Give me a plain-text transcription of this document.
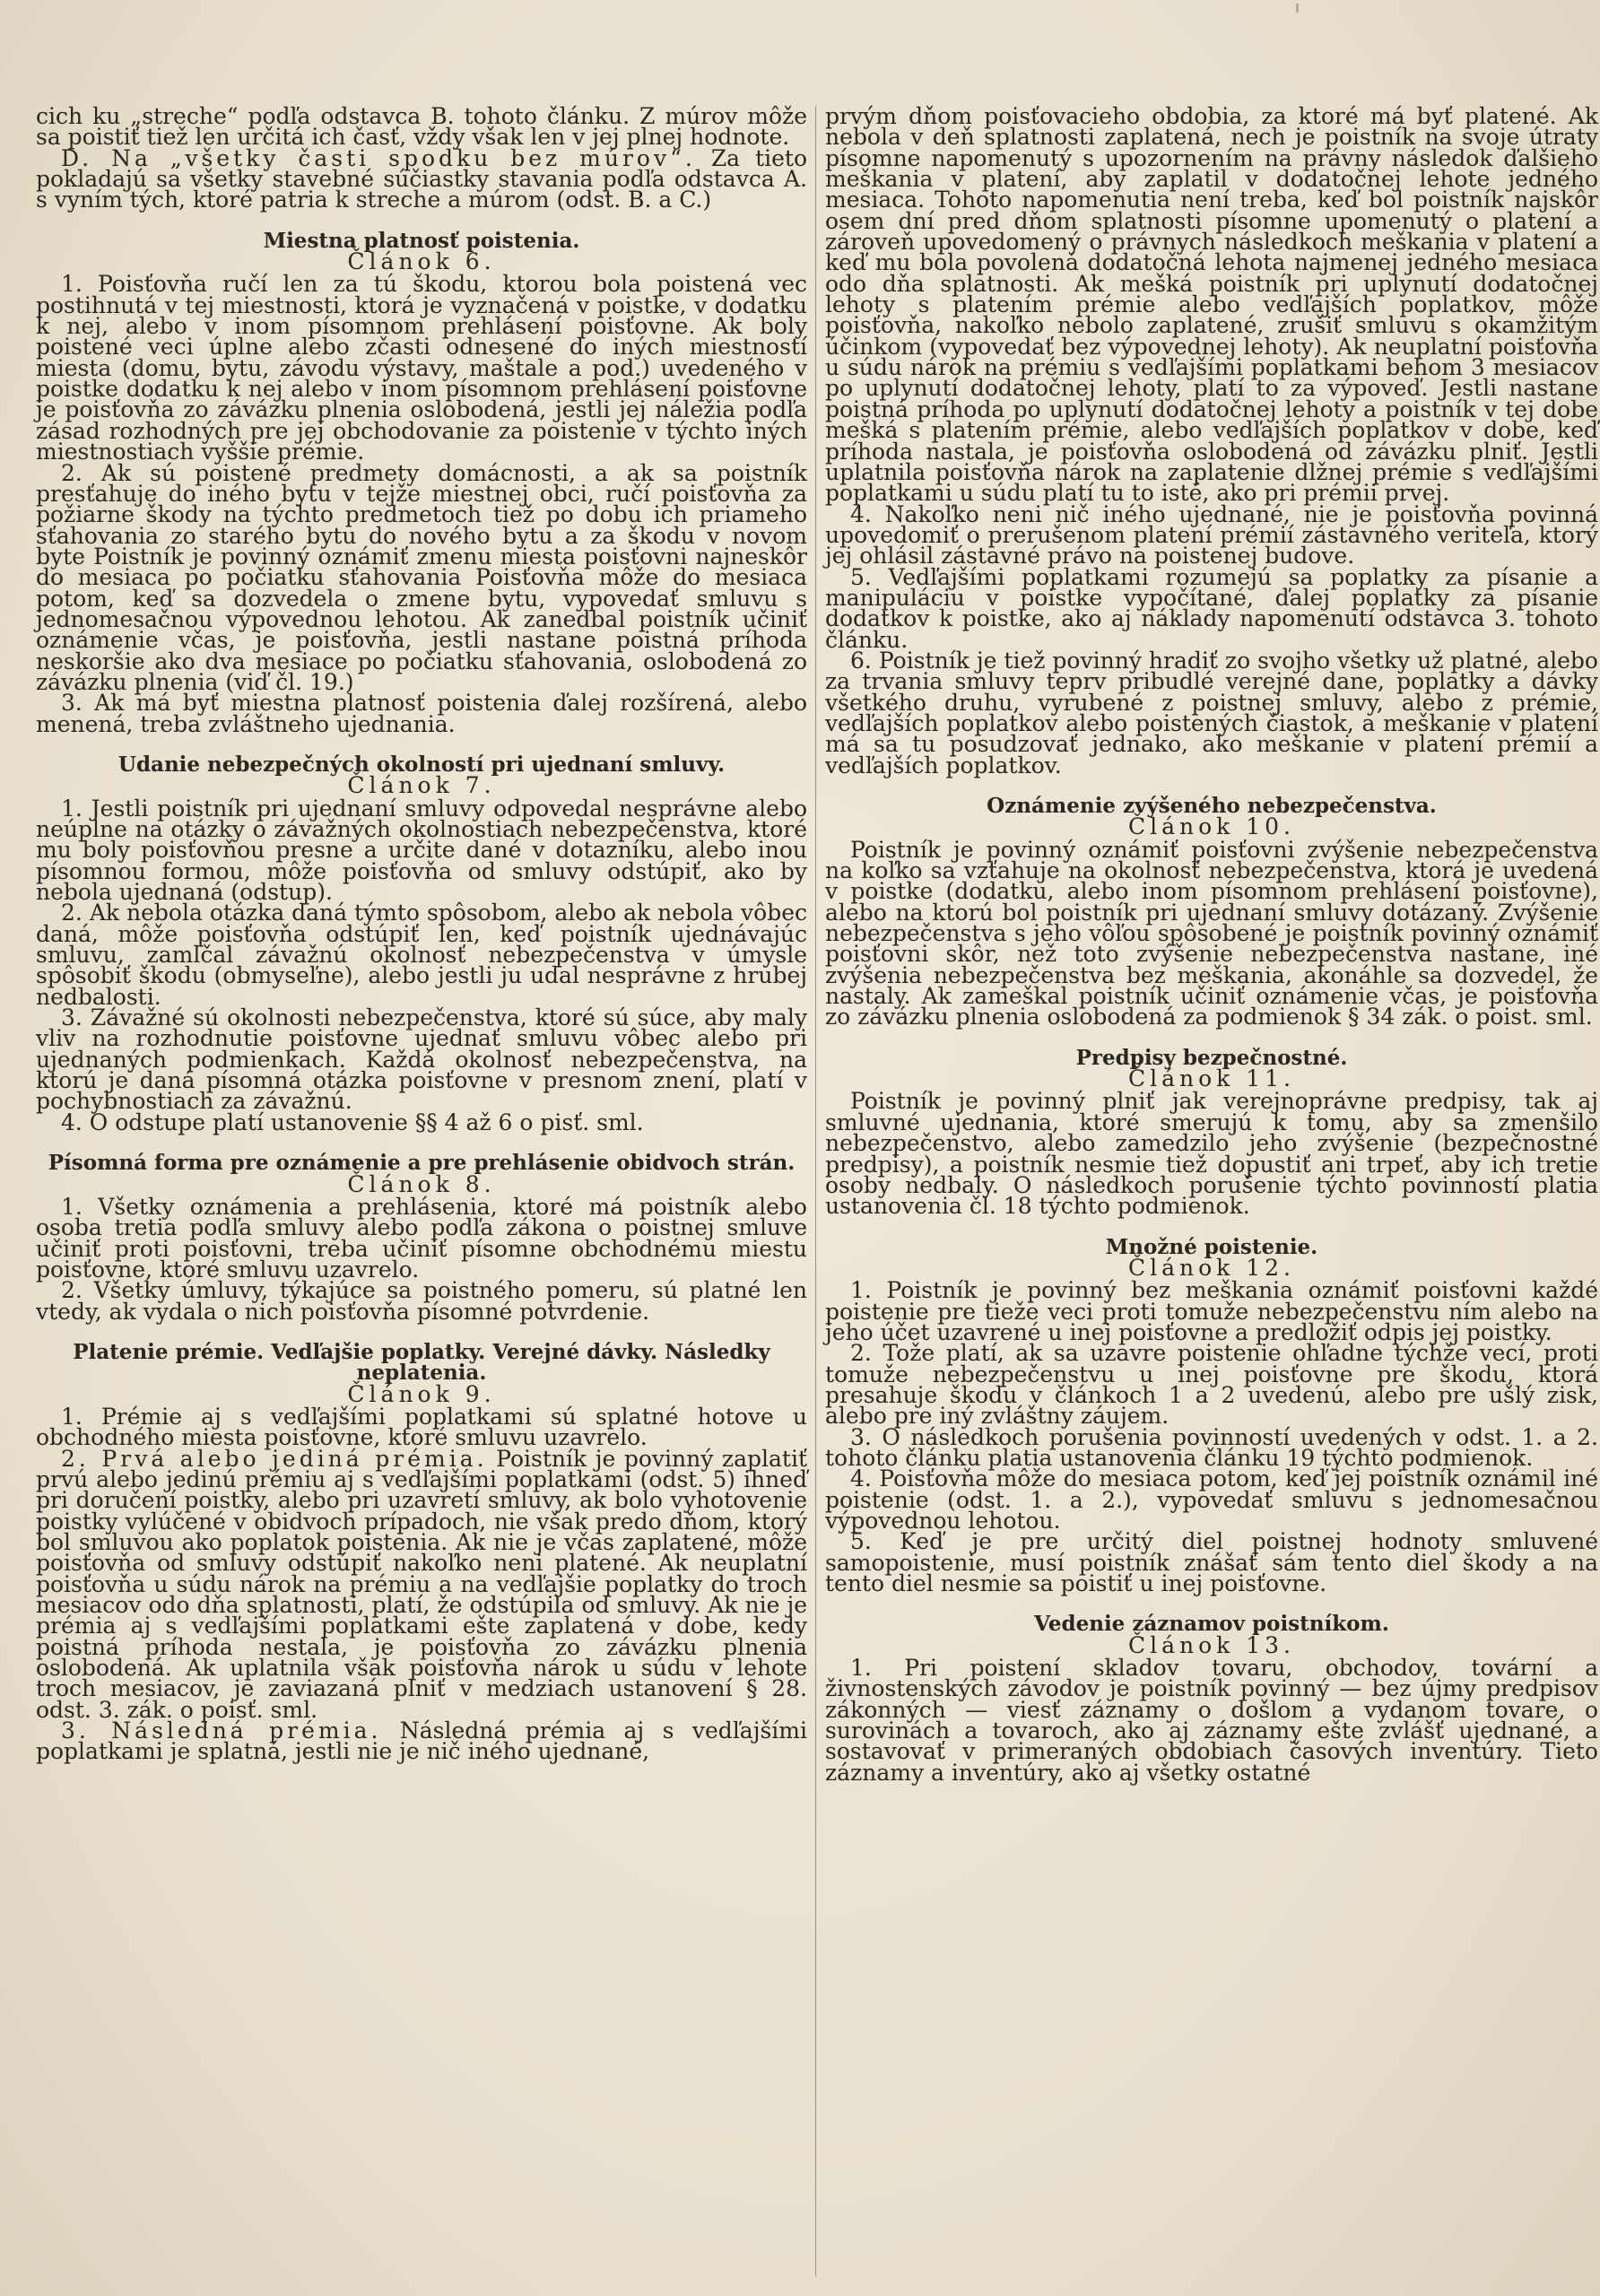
cich ku „streche“ podľa odstavca B. tohoto článku. Z múrov môže sa poistiť tiež len určitá ich časť, vždy však len v jej plnej hodnote.

D. Na „všetky časti spodku bez múrov“. Za tieto pokladajú sa všetky stavebné súčiastky stavania podľa odstavca A. s vyním tých, ktoré patria k streche a múrom (odst. B. a C.)

Miestna platnosť poistenia.
Článok 6.

1. Poisťovňa ručí len za tú škodu, ktorou bola poistená vec postihnutá v tej miestnosti, ktorá je vyznačená v poistke, v dodatku k nej, alebo v inom písomnom prehlásení poisťovne. Ak boly poistené veci úplne alebo zčasti odnesené do iných miestností miesta (domu, bytu, závodu výstavy, maštale a pod.) uvedeného v poistke dodatku k nej alebo v inom písomnom prehlásení poisťovne je poisťovňa zo závázku plnenia oslobodená, jestli jej náležia podľa zásad rozhodných pre jej obchodovanie za poistenie v týchto iných miestnostiach vyššie prémie.

2. Ak sú poistené predmety domácnosti, a ak sa poistník presťahuje do iného bytu v tejže miestnej obci, ručí poisťovňa za požiarne škody na týchto predmetoch tiež po dobu ich priameho sťahovania zo starého bytu do nového bytu a za škodu v novom byte Poistník je povinný oznámiť zmenu miesta poisťovni najneskôr do mesiaca po počiatku sťahovania Poisťovňa môže do mesiaca potom, keď sa dozvedela o zmene bytu, vypovedať smluvu s jednomesačnou výpovednou lehotou. Ak zanedbal poistník učiniť oznámenie včas, je poisťovňa, jestli nastane poistná príhoda neskoršie ako dva mesiace po počiatku sťahovania, oslobodená zo závázku plnenia (viď čl. 19.)

3. Ak má byť miestna platnosť poistenia ďalej rozšírená, alebo menená, treba zvláštneho ujednania.

Udanie nebezpečných okolností pri ujednaní smluvy.
Článok 7.

1. Jestli poistník pri ujednaní smluvy odpovedal nesprávne alebo neúplne na otázky o závažných okolnostiach nebezpečenstva, ktoré mu boly poisťovňou presne a určite dané v dotazníku, alebo inou písomnou formou, môže poisťovňa od smluvy odstúpiť, ako by nebola ujednaná (odstup).

2. Ak nebola otázka daná týmto spôsobom, alebo ak nebola vôbec daná, môže poisťovňa odstúpiť len, keď poistník ujednávajúc smluvu, zamlčal závažnú okolnosť nebezpečenstva v úmysle spôsobiť škodu (obmyseľne), alebo jestli ju udal nesprávne z hrubej nedbalosti.

3. Závažné sú okolnosti nebezpečenstva, ktoré sú súce, aby maly vliv na rozhodnutie poisťovne ujednať smluvu vôbec alebo pri ujednaných podmienkach. Každá okolnosť nebezpečenstva, na ktorú je daná písomná otázka poisťovne v presnom znení, platí v pochybnostiach za závažnú.

4. O odstupe platí ustanovenie §§ 4 až 6 o pisť. sml.

Písomná forma pre oznámenie a pre prehlásenie obidvoch strán.
Článok 8.

1. Všetky oznámenia a prehlásenia, ktoré má poistník alebo osoba tretia podľa smluvy alebo podľa zákona o poistnej smluve učiniť proti poisťovni, treba učiniť písomne obchodnému miestu poisťovne, ktoré smluvu uzavrelo.

2. Všetky úmluvy, týkajúce sa poistného pomeru, sú platné len vtedy, ak vydala o nich poisťovňa písomné potvrdenie.

Platenie prémie. Vedľajšie poplatky. Verejné dávky. Následky neplatenia.
Článok 9.

1. Prémie aj s vedľajšími poplatkami sú splatné hotove u obchodného miesta poisťovne, ktoré smluvu uzavrelo.

2. Prvá alebo jediná prémia. Poistník je povinný zaplatiť prvú alebo jedinú prémiu aj s vedľajšími poplatkami (odst. 5) ihneď pri doručení poistky, alebo pri uzavretí smluvy, ak bolo vyhotovenie poistky vylúčené v obidvoch prípadoch, nie však predo dňom, ktorý bol smluvou ako poplatok poistenia. Ak nie je včas zaplatené, môže poisťovňa od smluvy odstúpiť nakoľko neni platené. Ak neuplatní poisťovňa u súdu nárok na prémiu a na vedľajšie poplatky do troch mesiacov odo dňa splatnosti, platí, že odstúpila od smluvy. Ak nie je prémia aj s vedľajšími poplatkami ešte zaplatená v dobe, kedy poistná príhoda nestala, je poisťovňa zo závázku plnenia oslobodená. Ak uplatnila však poisťovňa nárok u súdu v lehote troch mesiacov, je zaviazaná plniť v medziach ustanovení § 28. odst. 3. zák. o poisť. sml.

3. Následná prémia. Následná prémia aj s vedľajšími poplatkami je splatná, jestli nie je nič iného ujednané,

prvým dňom poisťovacieho obdobia, za ktoré má byť platené. Ak nebola v deň splatnosti zaplatená, nech je poistník na svoje útraty písomne napomenutý s upozornením na právny následok ďalšieho meškania v platení, aby zaplatil v dodatočnej lehote jedného mesiaca. Tohoto napomenutia není treba, keď bol poistník najskôr osem dní pred dňom splatnosti písomne upomenutý o platení a zároveň upovedomený o právnych následkoch meškania v platení a keď mu bola povolená dodatočná lehota najmenej jedného mesiaca odo dňa splatnosti. Ak mešká poistník pri uplynutí dodatočnej lehoty s platením prémie alebo vedľajších poplatkov, môže poisťovňa, nakoľko nebolo zaplatené, zrušiť smluvu s okamžitým účinkom (vypovedať bez výpovednej lehoty). Ak neuplatní poisťovňa u súdu nárok na prémiu s vedľajšími poplatkami behom 3 mesiacov po uplynutí dodatočnej lehoty, platí to za výpoveď. Jestli nastane poistná príhoda po uplynutí dodatočnej lehoty a poistník v tej dobe mešká s platením prémie, alebo vedľajších poplatkov v dobe, keď príhoda nastala, je poisťovňa oslobodená od závázku plniť. Jestli uplatnila poisťovňa nárok na zaplatenie dlžnej prémie s vedľajšími poplatkami u súdu platí tu to isté, ako pri prémii prvej.

4. Nakoľko neni nič iného ujednané, nie je poisťovňa povinná upovedomiť o prerušenom platení prémií zástavného veriteľa, ktorý jej ohlásil zástavné právo na poistenej budove.

5. Vedľajšími poplatkami rozumejú sa poplatky za písanie a manipuláciu v poistke vypočítané, ďalej poplatky za písanie dodatkov k poistke, ako aj náklady napomenutí odstavca 3. tohoto článku.

6. Poistník je tiež povinný hradiť zo svojho všetky už platné, alebo za trvania smluvy teprv pribudlé verejné dane, poplatky a dávky všetkého druhu, vyrubené z poistnej smluvy, alebo z prémie, vedľajších poplatkov alebo poistených čiastok, a meškanie v platení má sa tu posudzovať jednako, ako meškanie v platení prémií a vedľajších poplatkov.

Oznámenie zvýšeného nebezpečenstva.
Článok 10.

Poistník je povinný oznámiť poisťovni zvýšenie nebezpečenstva na koľko sa vzťahuje na okolnosť nebezpečenstva, ktorá je uvedená v poistke (dodatku, alebo inom písomnom prehlásení poisťovne), alebo na ktorú bol poistník pri ujednaní smluvy dotázaný. Zvýšenie nebezpečenstva s jeho vôľou spôsobené je poistník povinný oznámiť poisťovni skôr, než toto zvýšenie nebezpečenstva nastane, iné zvýšenia nebezpečenstva bez meškania, akonáhle sa dozvedel, že nastaly. Ak zameškal poistník učiniť oznámenie včas, je poisťovňa zo závázku plnenia oslobodená za podmienok § 34 zák. o poist. sml.

Predpisy bezpečnostné.
Článok 11.

Poistník je povinný plniť jak verejnoprávne predpisy, tak aj smluvné ujednania, ktoré smerujú k tomu, aby sa zmenšilo nebezpečenstvo, alebo zamedzilo jeho zvýšenie (bezpečnostné predpisy), a poistník nesmie tiež dopustiť ani trpeť, aby ich tretie osoby nedbaly. O následkoch porušenie týchto povinností platia ustanovenia čl. 18 týchto podmienok.

Množné poistenie.
Článok 12.

1. Poistník je povinný bez meškania oznámiť poisťovni každé poistenie pre tieže veci proti tomuže nebezpečenstvu ním alebo na jeho účet uzavrené u inej poisťovne a predložiť odpis jej poistky.

2. Tože platí, ak sa uzavre poistenie ohľadne týchže vecí, proti tomuže nebezpečenstvu u inej poisťovne pre škodu, ktorá presahuje škodu v článkoch 1 a 2 uvedenú, alebo pre ušlý zisk, alebo pre iný zvláštny záujem.

3. O následkoch porušenia povinností uvedených v odst. 1. a 2. tohoto článku platia ustanovenia článku 19 týchto podmienok.

4. Poisťovňa môže do mesiaca potom, keď jej poistník oznámil iné poistenie (odst. 1. a 2.), vypovedať smluvu s jednomesačnou výpovednou lehotou.

5. Keď je pre určitý diel poistnej hodnoty smluvené samopoistenie, musí poistník znášať sám tento diel škody a na tento diel nesmie sa poistiť u inej poisťovne.

Vedenie záznamov poistníkom.
Článok 13.

1. Pri poistení skladov tovaru, obchodov, tovární a živnostenských závodov je poistník povinný — bez újmy predpisov zákonných — viesť záznamy o došlom a vydanom tovare, o surovinách a tovaroch, ako aj záznamy ešte zvlášť ujednané, a sostavovať v primeraných obdobiach časových inventúry. Tieto záznamy a inventúry, ako aj všetky ostatné
